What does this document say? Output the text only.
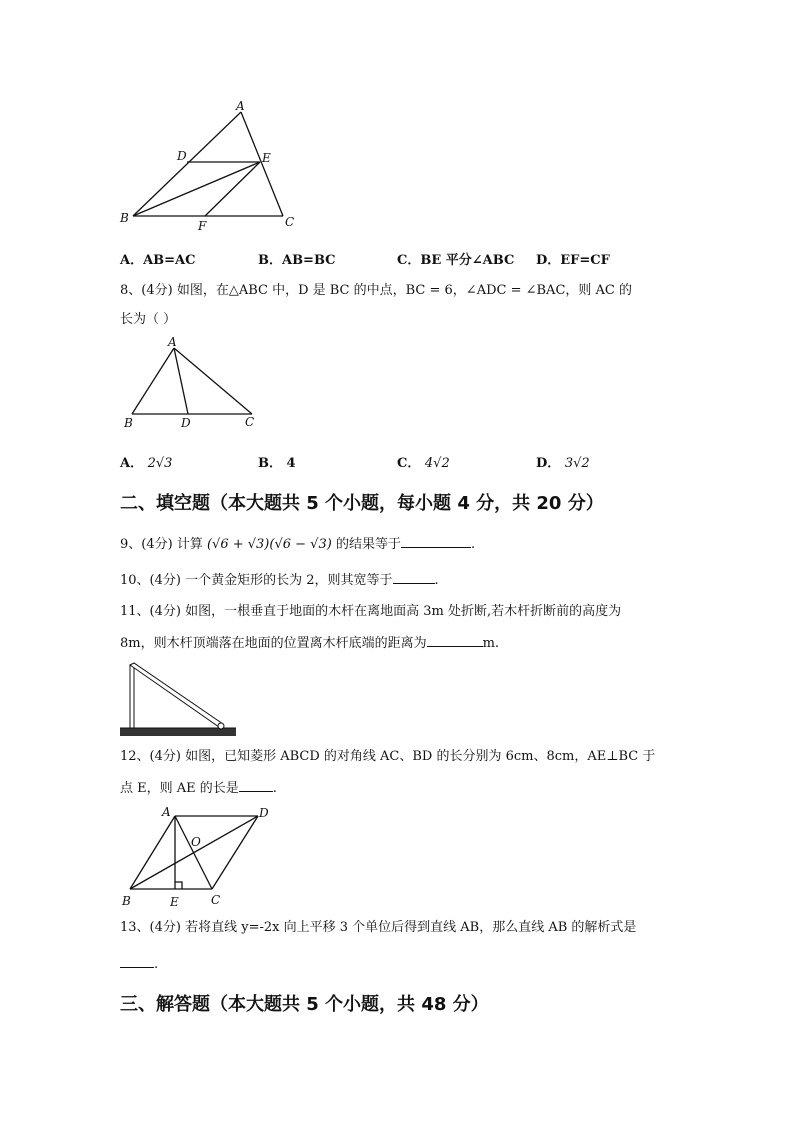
A
D	E
B
F	C
A．AB=AC	B．AB=BC	C．BE 平分∠ABC D．EF=CF
8、(4分) 如图，在△ABC 中，D 是 BC 的中点，BC = 6，∠ADC = ∠BAC，则 AC 的
长为（ ）
A
B	D	C
A． 2√3	B． 4	C． 4√2	D． 3√2
二、填空题（本大题共 5 个小题，每小题 4 分，共 20 分）
9、(4分) 计算 (√6 + √3)(√6 − √3) 的结果等于	.
10、(4分) 一个黄金矩形的长为 2，则其宽等于	.
11、(4分) 如图，一根垂直于地面的木杆在离地面高 3m 处折断,若木杆折断前的高度为
8m，则木杆顶端落在地面的位置离木杆底端的距离为	m.
12、(4分) 如图，已知菱形 ABCD 的对角线 AC、BD 的长分别为 6cm、8cm，AE⊥BC 于
点 E，则 AE 的长是	.
A	D
O
B	E	C
13、(4分) 若将直线 y=-2x 向上平移 3 个单位后得到直线 AB，那么直线 AB 的解析式是
.
三、解答题（本大题共 5 个小题，共 48 分）
